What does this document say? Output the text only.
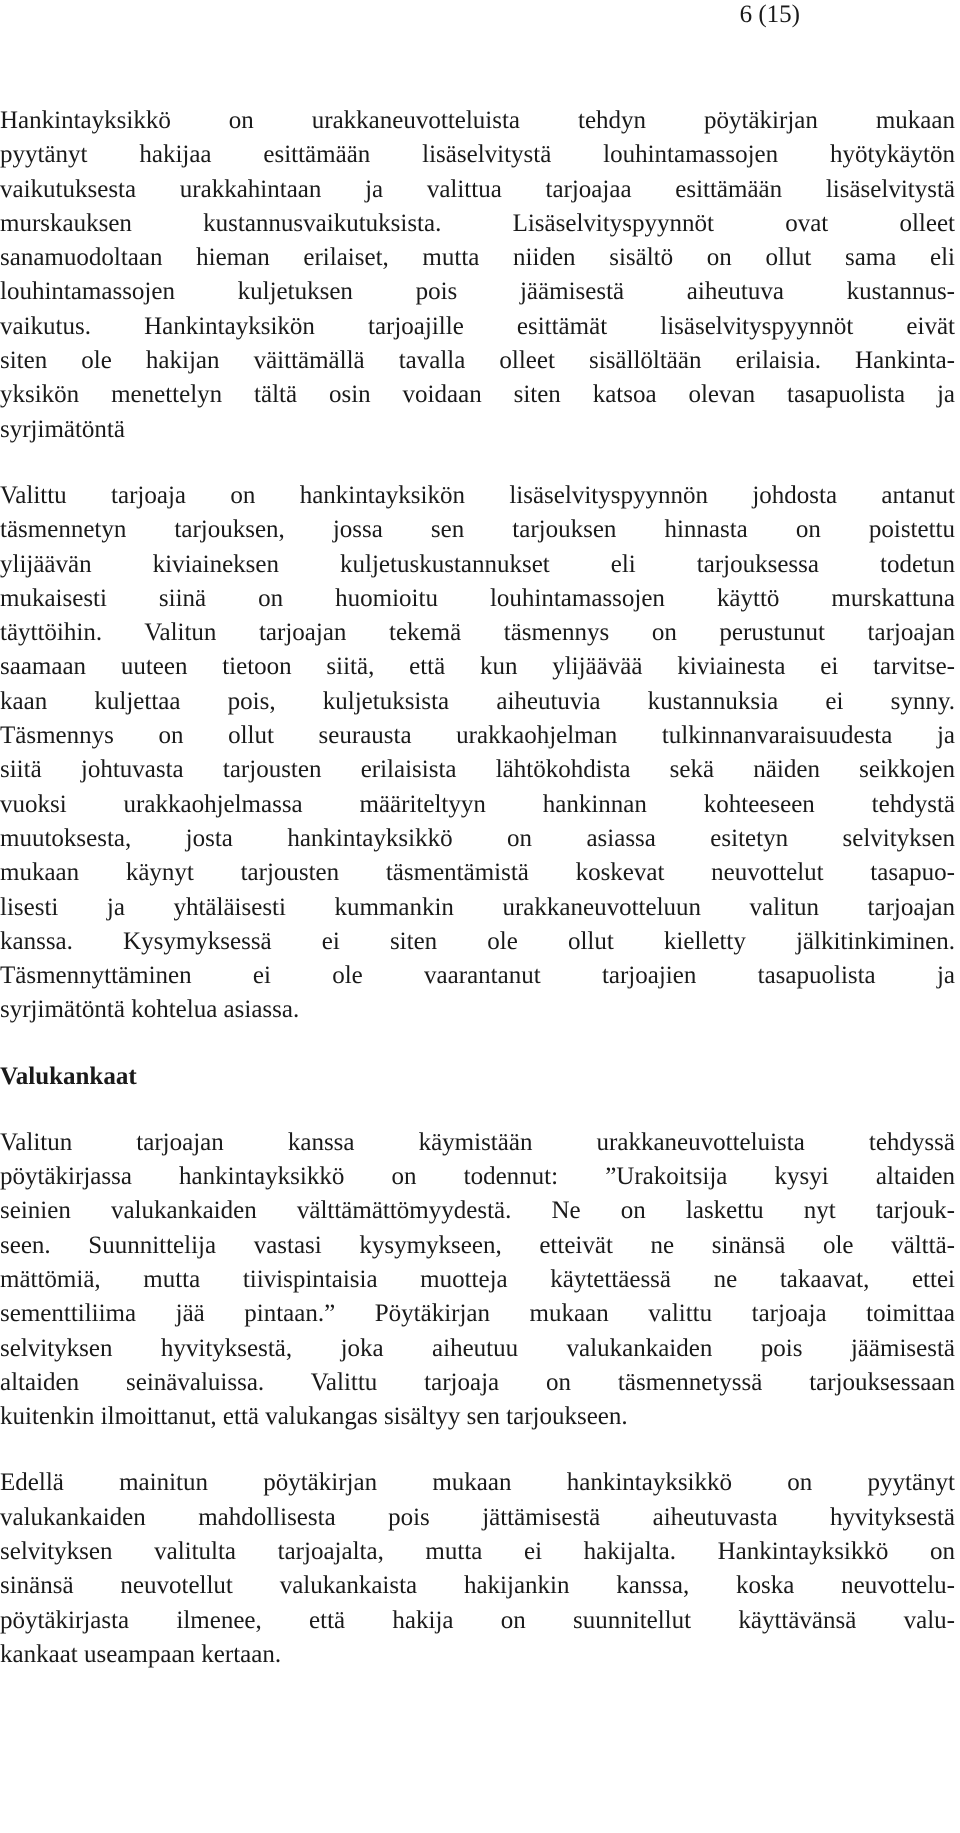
6 (15)
Hankintayksikkö on urakkaneuvotteluista tehdyn pöytäkirjan mukaan
pyytänyt hakijaa esittämään lisäselvitystä louhintamassojen hyötykäytön
vaikutuksesta urakkahintaan ja valittua tarjoajaa esittämään lisäselvitystä
murskauksen kustannusvaikutuksista. Lisäselvityspyynnöt ovat olleet
sanamuodoltaan hieman erilaiset, mutta niiden sisältö on ollut sama eli
louhintamassojen kuljetuksen pois jäämisestä aiheutuva kustannus-
vaikutus. Hankintayksikön tarjoajille esittämät lisäselvityspyynnöt eivät
siten ole hakijan väittämällä tavalla olleet sisällöltään erilaisia. Hankinta-
yksikön menettelyn tältä osin voidaan siten katsoa olevan tasapuolista ja
syrjimätöntä
Valittu tarjoaja on hankintayksikön lisäselvityspyynnön johdosta antanut
täsmennetyn tarjouksen, jossa sen tarjouksen hinnasta on poistettu
ylijäävän kiviaineksen kuljetuskustannukset eli tarjouksessa todetun
mukaisesti siinä on huomioitu louhintamassojen käyttö murskattuna
täyttöihin. Valitun tarjoajan tekemä täsmennys on perustunut tarjoajan
saamaan uuteen tietoon siitä, että kun ylijäävää kiviainesta ei tarvitse-
kaan kuljettaa pois, kuljetuksista aiheutuvia kustannuksia ei synny.
Täsmennys on ollut seurausta urakkaohjelman tulkinnanvaraisuudesta ja
siitä johtuvasta tarjousten erilaisista lähtökohdista sekä näiden seikkojen
vuoksi urakkaohjelmassa määriteltyyn hankinnan kohteeseen tehdystä
muutoksesta, josta hankintayksikkö on asiassa esitetyn selvityksen
mukaan käynyt tarjousten täsmentämistä koskevat neuvottelut tasapuo-
lisesti ja yhtäläisesti kummankin urakkaneuvotteluun valitun tarjoajan
kanssa. Kysymyksessä ei siten ole ollut kielletty jälkitinkiminen.
Täsmennyttäminen ei ole vaarantanut tarjoajien tasapuolista ja
syrjimätöntä kohtelua asiassa.
Valukankaat
Valitun tarjoajan kanssa käymistään urakkaneuvotteluista tehdyssä
pöytäkirjassa hankintayksikkö on todennut: ”Urakoitsija kysyi altaiden
seinien valukankaiden välttämättömyydestä. Ne on laskettu nyt tarjouk-
seen. Suunnittelija vastasi kysymykseen, etteivät ne sinänsä ole välttä-
mättömiä, mutta tiivispintaisia muotteja käytettäessä ne takaavat, ettei
sementtiliima jää pintaan.” Pöytäkirjan mukaan valittu tarjoaja toimittaa
selvityksen hyvityksestä, joka aiheutuu valukankaiden pois jäämisestä
altaiden seinävaluissa. Valittu tarjoaja on täsmennetyssä tarjouksessaan
kuitenkin ilmoittanut, että valukangas sisältyy sen tarjoukseen.
Edellä mainitun pöytäkirjan mukaan hankintayksikkö on pyytänyt
valukankaiden mahdollisesta pois jättämisestä aiheutuvasta hyvityksestä
selvityksen valitulta tarjoajalta, mutta ei hakijalta. Hankintayksikkö on
sinänsä neuvotellut valukankaista hakijankin kanssa, koska neuvottelu-
pöytäkirjasta ilmenee, että hakija on suunnitellut käyttävänsä valu-
kankaat useampaan kertaan.
